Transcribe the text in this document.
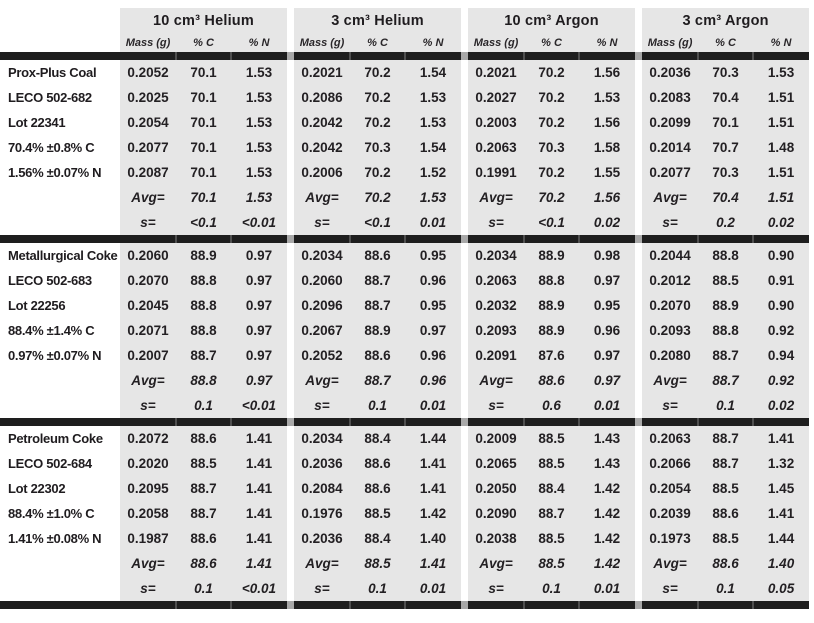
	10 cm³ Helium				3 cm³ Helium				10 cm³ Argon				3 cm³ Argon		
	Mass (g)	% C	% N		Mass (g)	% C	% N		Mass (g)	% C	% N		Mass (g)	% C	% N

Prox-Plus Coal	0.2052	70.1	1.53		0.2021	70.2	1.54		0.2021	70.2	1.56		0.2036	70.3	1.53
LECO 502-682	0.2025	70.1	1.53		0.2086	70.2	1.53		0.2027	70.2	1.53		0.2083	70.4	1.51
Lot 22341	0.2054	70.1	1.53		0.2042	70.2	1.53		0.2003	70.2	1.56		0.2099	70.1	1.51
70.4% ±0.8% C	0.2077	70.1	1.53		0.2042	70.3	1.54		0.2063	70.3	1.58		0.2014	70.7	1.48
1.56% ±0.07% N	0.2087	70.1	1.53		0.2006	70.2	1.52		0.1991	70.2	1.55		0.2077	70.3	1.51
	Avg=	70.1	1.53		Avg=	70.2	1.53		Avg=	70.2	1.56		Avg=	70.4	1.51
	s=	<0.1	<0.01		s=	<0.1	0.01		s=	<0.1	0.02		s=	0.2	0.02

Metallurgical Coke	0.2060	88.9	0.97		0.2034	88.6	0.95		0.2034	88.9	0.98		0.2044	88.8	0.90
LECO 502-683	0.2070	88.8	0.97		0.2060	88.7	0.96		0.2063	88.8	0.97		0.2012	88.5	0.91
Lot 22256	0.2045	88.8	0.97		0.2096	88.7	0.95		0.2032	88.9	0.95		0.2070	88.9	0.90
88.4% ±1.4% C	0.2071	88.8	0.97		0.2067	88.9	0.97		0.2093	88.9	0.96		0.2093	88.8	0.92
0.97% ±0.07% N	0.2007	88.7	0.97		0.2052	88.6	0.96		0.2091	87.6	0.97		0.2080	88.7	0.94
	Avg=	88.8	0.97		Avg=	88.7	0.96		Avg=	88.6	0.97		Avg=	88.7	0.92
	s=	0.1	<0.01		s=	0.1	0.01		s=	0.6	0.01		s=	0.1	0.02

Petroleum Coke	0.2072	88.6	1.41		0.2034	88.4	1.44		0.2009	88.5	1.43		0.2063	88.7	1.41
LECO 502-684	0.2020	88.5	1.41		0.2036	88.6	1.41		0.2065	88.5	1.43		0.2066	88.7	1.32
Lot 22302	0.2095	88.7	1.41		0.2084	88.6	1.41		0.2050	88.4	1.42		0.2054	88.5	1.45
88.4% ±1.0% C	0.2058	88.7	1.41		0.1976	88.5	1.42		0.2090	88.7	1.42		0.2039	88.6	1.41
1.41% ±0.08% N	0.1987	88.6	1.41		0.2036	88.4	1.40		0.2038	88.5	1.42		0.1973	88.5	1.44
	Avg=	88.6	1.41		Avg=	88.5	1.41		Avg=	88.5	1.42		Avg=	88.6	1.40
	s=	0.1	<0.01		s=	0.1	0.01		s=	0.1	0.01		s=	0.1	0.05
